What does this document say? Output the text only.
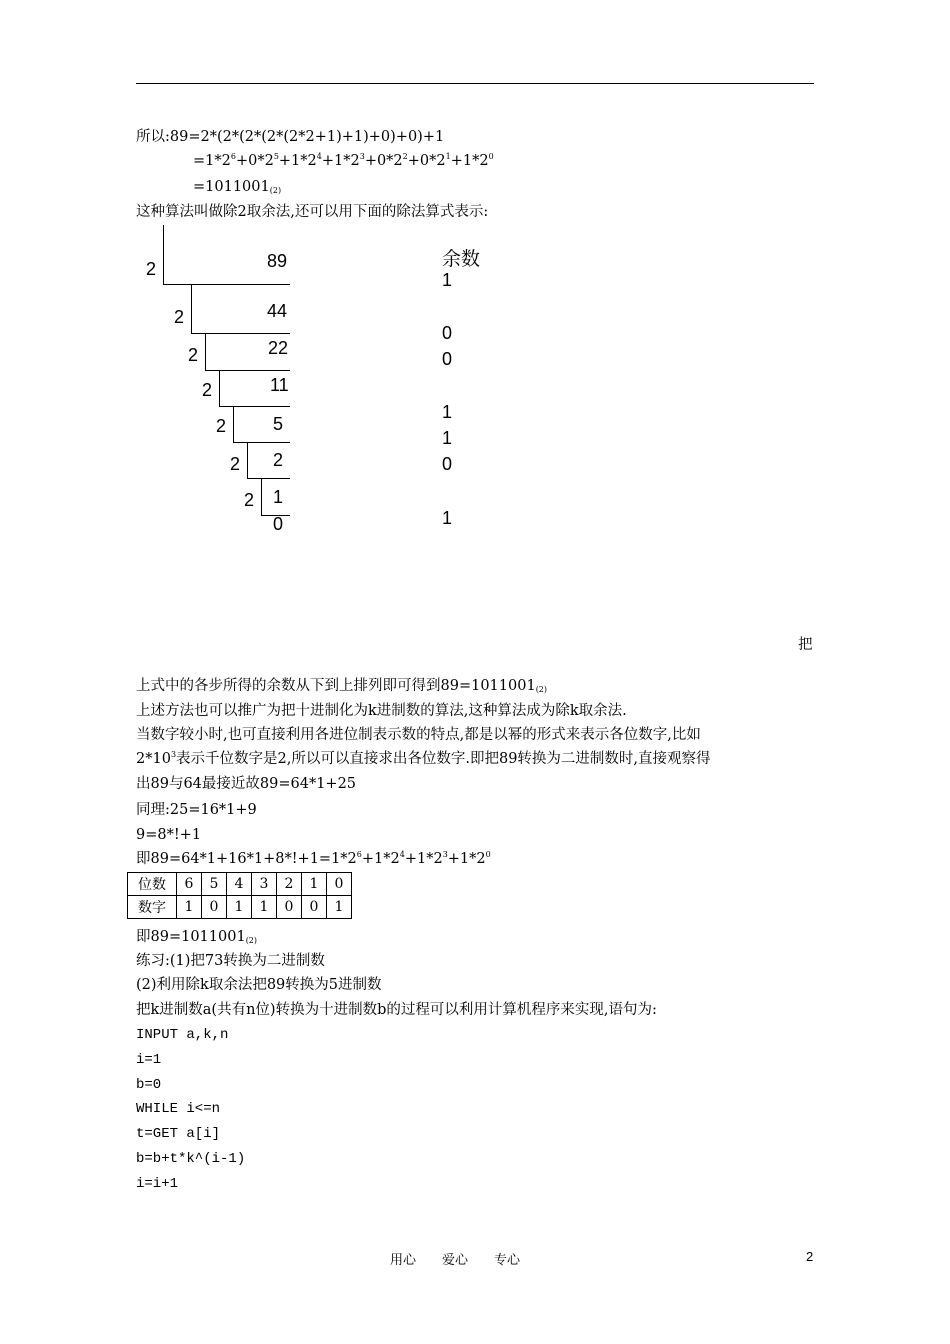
所以:89=2*(2*(2*(2*(2*2+1)+1)+0)+0)+1
$=1*2^6+0*2^5+1*2^4+1*2^3+0*2^2+0*2^1+1*2^0$
$=1011001_{(2)}$
这种算法叫做除2取余法,还可以用下面的除法算式表示:
2
2
2
2
2
2
2
89
44
22
11
5
2
1
0
余数
1
0
0
1
1
0
1
把
上式中的各步所得的余数从下到上排列即可得到$89=1011001_{(2)}$
上述方法也可以推广为把十进制化为k进制数的算法,这种算法成为除k取余法.
当数字较小时,也可直接利用各进位制表示数的特点,都是以幂的形式来表示各位数字,比如
$2*10^3$表示千位数字是2,所以可以直接求出各位数字.即把89转换为二进制数时,直接观察得
出89与64最接近故89=64*1+25
同理:25=16*1+9
9=8*!+1
即$89=64*1+16*1+8*!+1=1*2^6+1*2^4+1*2^3+1*2^0$
位数	6	5	4	3	2	1	0
数字	1	0	1	1	0	0	1
即$89=1011001_{(2)}$
练习:(1)把73转换为二进制数
(2)利用除k取余法把89转换为5进制数
把k进制数a(共有n位)转换为十进制数b的过程可以利用计算机程序来实现,语句为:
INPUT a,k,n
i=1
b=0
WHILE i<=n
t=GET a[i]
b=b+t*k^(i-1)
i=i+1
用心　　爱心　　专心	2
